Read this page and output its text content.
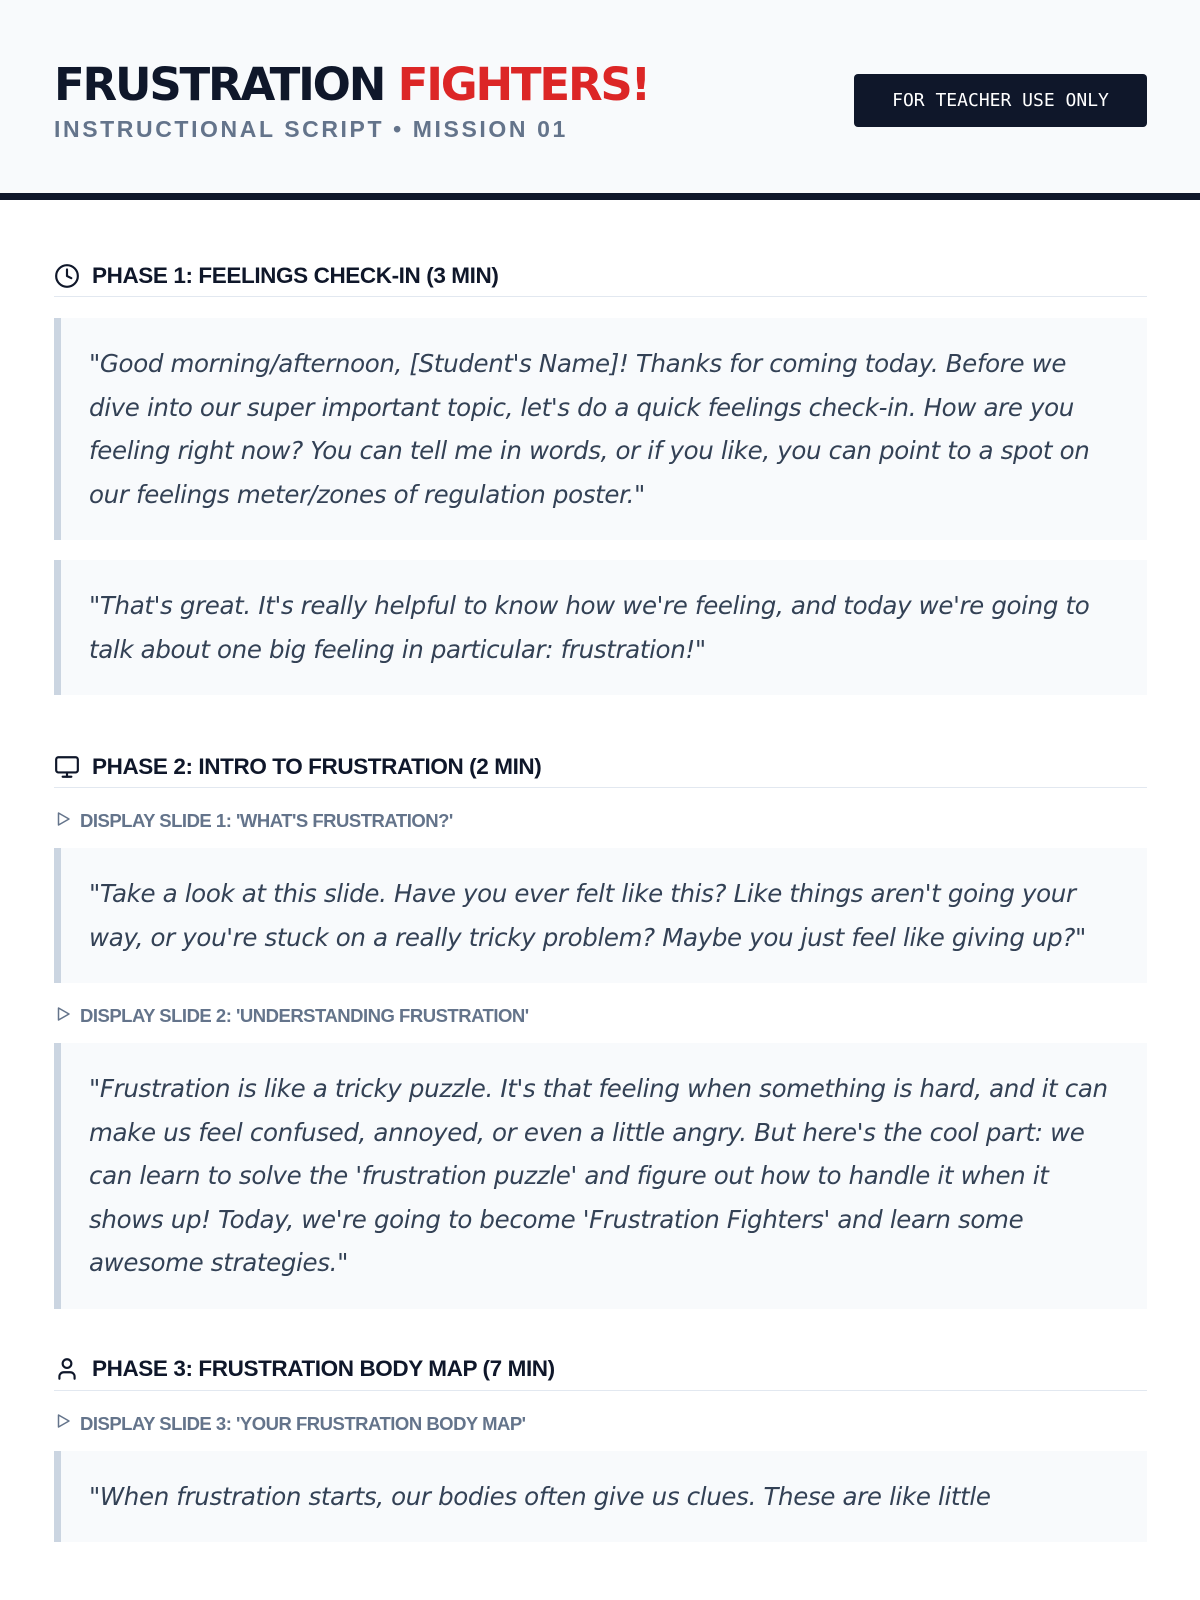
FRUSTRATION FIGHTERS!
INSTRUCTIONAL SCRIPT • MISSION 01
FOR TEACHER USE ONLY
PHASE 1: FEELINGS CHECK-IN (3 MIN)
"Good morning/afternoon, [Student's Name]! Thanks for coming today. Before we dive into our super important topic, let's do a quick feelings check-in. How are you feeling right now? You can tell me in words, or if you like, you can point to a spot on our feelings meter/zones of regulation poster."
"That's great. It's really helpful to know how we're feeling, and today we're going to talk about one big feeling in particular: frustration!"
PHASE 2: INTRO TO FRUSTRATION (2 MIN)
DISPLAY SLIDE 1: 'WHAT'S FRUSTRATION?'
"Take a look at this slide. Have you ever felt like this? Like things aren't going your way, or you're stuck on a really tricky problem? Maybe you just feel like giving up?"
DISPLAY SLIDE 2: 'UNDERSTANDING FRUSTRATION'
"Frustration is like a tricky puzzle. It's that feeling when something is hard, and it can make us feel confused, annoyed, or even a little angry. But here's the cool part: we can learn to solve the 'frustration puzzle' and figure out how to handle it when it shows up! Today, we're going to become 'Frustration Fighters' and learn some awesome strategies."
PHASE 3: FRUSTRATION BODY MAP (7 MIN)
DISPLAY SLIDE 3: 'YOUR FRUSTRATION BODY MAP'
"When frustration starts, our bodies often give us clues. These are like little
